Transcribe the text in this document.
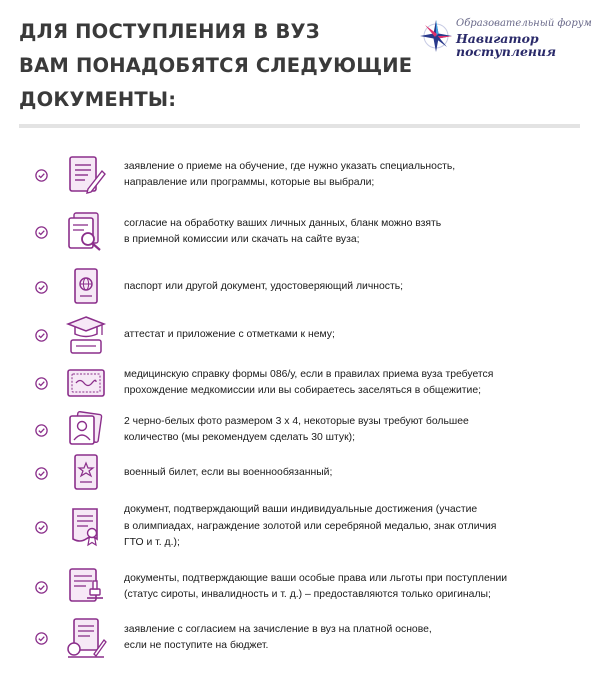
ДЛЯ ПОСТУПЛЕНИЯ В ВУЗ
ВАМ ПОНАДОБЯТСЯ СЛЕДУЮЩИЕ
ДОКУМЕНТЫ:
Образовательный форум
Навигатор
поступления
заявление о приеме на обучение, где нужно указать специальность,
направление или программы, которые вы выбрали;
согласие на обработку ваших личных данных, бланк можно взять
в приемной комиссии или скачать на сайте вуза;
паспорт или другой документ, удостоверяющий личность;
аттестат и приложение с отметками к нему;
медицинскую справку формы 086/у, если в правилах приема вуза требуется
прохождение медкомиссии или вы собираетесь заселяться в общежитие;
2 черно-белых фото размером 3 х 4, некоторые вузы требуют большее
количество (мы рекомендуем сделать 30 штук);
военный билет, если вы военнообязанный;
документ, подтверждающий ваши индивидуальные достижения (участие
в олимпиадах, награждение золотой или серебряной медалью, знак отличия
ГТО и т. д.);
документы, подтверждающие ваши особые права или льготы при поступлении
(статус сироты, инвалидность и т. д.) – предоставляются только оригиналы;
заявление с согласием на зачисление в вуз на платной основе,
если не поступите на бюджет.
